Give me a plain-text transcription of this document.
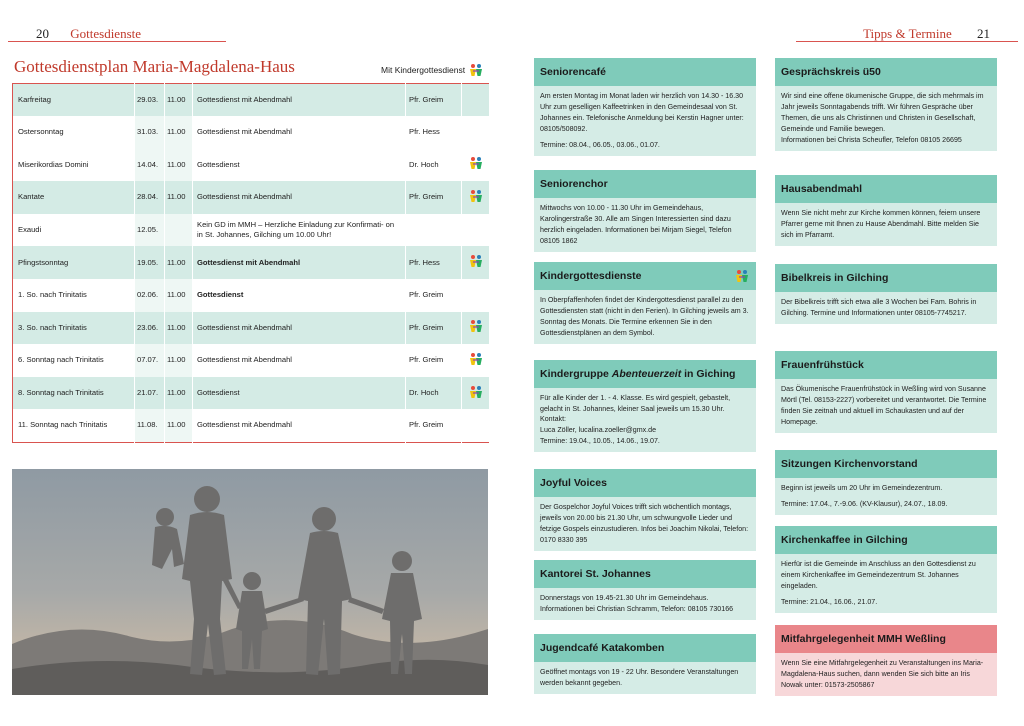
20 Gottesdienste	Tipps & Termine 21
Gottesdienstplan Maria-Magdalena-Haus	Mit Kindergottesdienst
Karfreitag	29.03.	11.00	Gottesdienst mit Abendmahl	Pfr. Greim	
Ostersonntag	31.03.	11.00	Gottesdienst mit Abendmahl	Pfr. Hess	
Miserikordias Domini	14.04.	11.00	Gottesdienst	Dr. Hoch	

Kantate	28.04.	11.00	Gottesdienst mit Abendmahl	Pfr. Greim	

Exaudi	12.05.		Kein GD im MMH – Herzliche Einladung zur Konfirmati- on in St. Johannes, Gilching um 10.00 Uhr!		
Pfingstsonntag	19.05.	11.00	Gottesdienst mit Abendmahl	Pfr. Hess	

1. So. nach Trinitatis	02.06.	11.00	Gottesdienst	Pfr. Greim	
3. So. nach Trinitatis	23.06.	11.00	Gottesdienst mit Abendmahl	Pfr. Greim	

6. Sonntag nach Trinitatis	07.07.	11.00	Gottesdienst mit Abendmahl	Pfr. Greim	

8. Sonntag nach Trinitatis	21.07.	11.00	Gottesdienst	Dr. Hoch	

11. Sonntag nach Trinitatis	11.08.	11.00	Gottesdienst mit Abendmahl	Pfr. Greim	
Seniorencafé

Am ersten Montag im Monat laden wir herzlich von 14.30 - 16.30 Uhr zum geselligen Kaffeetrinken in den Gemeindesaal von St. Johannes ein. Telefonische Anmeldung bei Kerstin Hagner unter: 08105/508092.

Termine: 08.04., 06.05., 03.06., 01.07.

Seniorenchor

Mittwochs von 10.00 - 11.30 Uhr im Gemeindehaus, Karolingerstraße 30. Alle am Singen Interessierten sind dazu herzlich eingeladen. Informationen bei Mirjam Siegel, Telefon 08105 1862

Kindergottesdienste

In Oberpfaffenhofen findet der Kindergottesdienst parallel zu den Gottesdiensten statt (nicht in den Ferien). In Gilching jeweils am 3. Sonntag des Monats. Die Termine erkennen Sie in den Gottesdienstplänen an dem Symbol.

Kindergruppe Abenteuerzeit in Giching

Für alle Kinder der 1. - 4. Klasse. Es wird gespielt, gebastelt, gelacht in St. Johannes, kleiner Saal jeweils um 15.30 Uhr.

Kontakt:
Luca Zöller, lucalina.zoeller@gmx.de

Termine: 19.04., 10.05., 14.06., 19.07.

Joyful Voices

Der Gospelchor Joyful Voices trifft sich wöchentlich montags, jeweils von 20.00 bis 21.30 Uhr, um schwungvolle Lieder und fetzige Gospels einzustudieren. Infos bei Joachim Nikolai, Telefon: 0170 8330 395

Kantorei St. Johannes

Donnerstags von 19.45-21.30 Uhr im Gemeindehaus. Informationen bei Christian Schramm, Telefon: 08105 730166

Jugendcafé Katakomben

Geöffnet montags von 19 - 22 Uhr. Besondere Veranstaltungen werden bekannt gegeben.

Gesprächskreis ü50

Wir sind eine offene ökumenische Gruppe, die sich mehrmals im Jahr jeweils Sonntagabends trifft. Wir führen Gespräche über Themen, die uns als Christinnen und Christen in Gesellschaft, Gemeinde und Familie bewegen.

Informationen bei Christa Scheufler, Telefon 08105 26695
Hausabendmahl

Wenn Sie nicht mehr zur Kirche kommen können, feiern unsere Pfarrer gerne mit Ihnen zu Hause Abendmahl. Bitte melden Sie sich im Pfarramt.

Bibelkreis in Gilching

Der Bibelkreis trifft sich etwa alle 3 Wochen bei Fam. Bohris in Gilching. Termine und Informationen unter 08105-7745217.

Frauenfrühstück

Das Ökumenische Frauenfrühstück in Weßling wird von Susanne Mörtl (Tel. 08153-2227) vorbereitet und verantwortet. Die Termine finden Sie zeitnah und aktuell im Schaukasten und auf der Homepage.

Sitzungen Kirchenvorstand

Beginn ist jeweils um 20 Uhr im Gemeindezentrum.

Termine: 17.04., 7.-9.06. (KV-Klausur), 24.07., 18.09.

Kirchenkaffee in Gilching

Hierfür ist die Gemeinde im Anschluss an den Gottesdienst zu einem Kirchenkaffee im Gemeindezentrum St. Johannes eingeladen.

Termine: 21.04., 16.06., 21.07.

Mitfahrgelegenheit MMH Weßling

Wenn Sie eine Mitfahrgelegenheit zu Veranstaltungen ins Maria-Magdalena-Haus suchen, dann wenden Sie sich bitte an Iris Nowak unter: 01573-2505867
